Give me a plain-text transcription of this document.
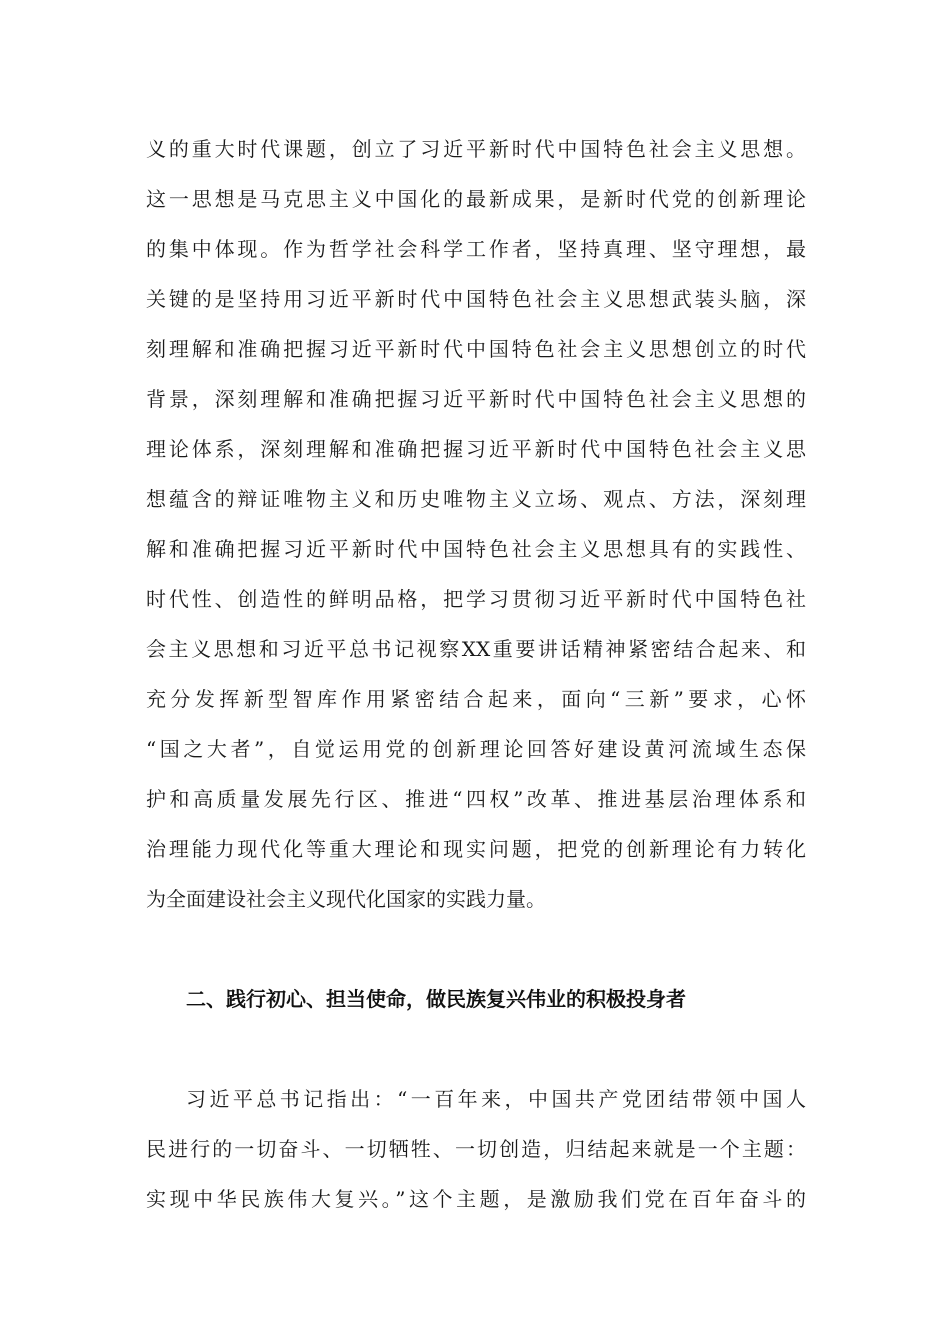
义的重大时代课题，创立了习近平新时代中国特色社会主义思想。
这一思想是马克思主义中国化的最新成果，是新时代党的创新理论
的集中体现。作为哲学社会科学工作者，坚持真理、坚守理想，最
关键的是坚持用习近平新时代中国特色社会主义思想武装头脑，深
刻理解和准确把握习近平新时代中国特色社会主义思想创立的时代
背景，深刻理解和准确把握习近平新时代中国特色社会主义思想的
理论体系，深刻理解和准确把握习近平新时代中国特色社会主义思
想蕴含的辩证唯物主义和历史唯物主义立场、观点、方法，深刻理
解和准确把握习近平新时代中国特色社会主义思想具有的实践性、
时代性、创造性的鲜明品格，把学习贯彻习近平新时代中国特色社
会主义思想和习近平总书记视察XX重要讲话精神紧密结合起来、和
充分发挥新型智库作用紧密结合起来，面向“三新”要求，心怀
“国之大者”，自觉运用党的创新理论回答好建设黄河流域生态保
护和高质量发展先行区、推进“四权”改革、推进基层治理体系和
治理能力现代化等重大理论和现实问题，把党的创新理论有力转化
为全面建设社会主义现代化国家的实践力量。
二、践行初心、担当使命，做民族复兴伟业的积极投身者
习近平总书记指出：“一百年来，中国共产党团结带领中国人
民进行的一切奋斗、一切牺牲、一切创造，归结起来就是一个主题：
实现中华民族伟大复兴。”这个主题，是激励我们党在百年奋斗的
